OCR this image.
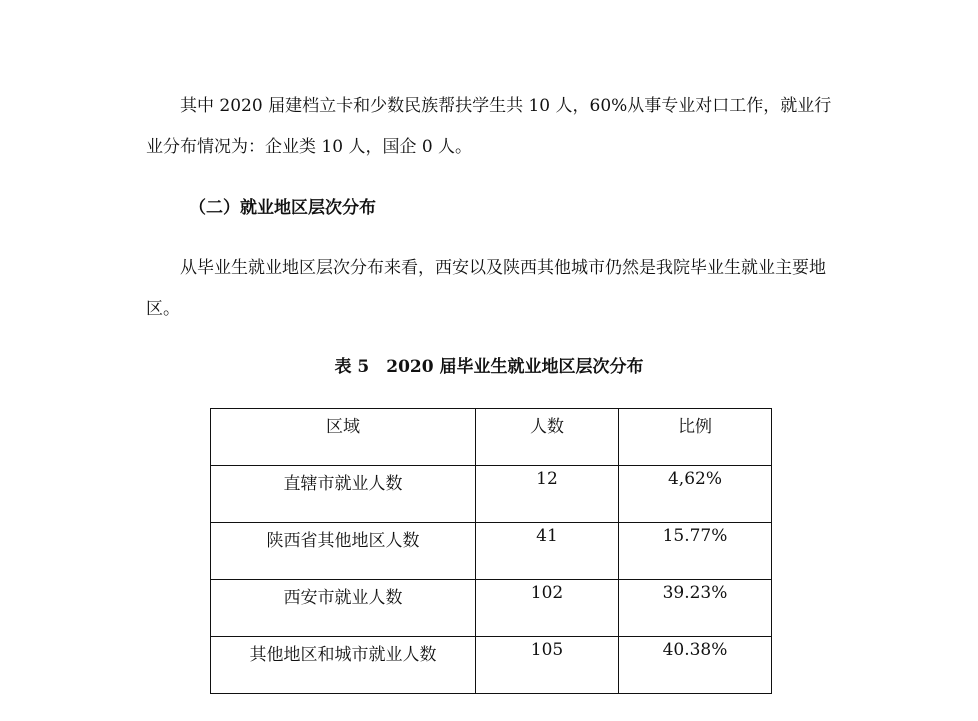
其中 2020 届建档立卡和少数民族帮扶学生共 10 人，60%从事专业对口工作，就业行业分布情况为：企业类 10 人，国企 0 人。

（二）就业地区层次分布

从毕业生就业地区层次分布来看，西安以及陕西其他城市仍然是我院毕业生就业主要地区。

表 5　2020 届毕业生就业地区层次分布

区域	人数	比例

直辖市就业人数	12	4,62%

陕西省其他地区人数	41	15.77%

西安市就业人数	102	39.23%

其他地区和城市就业人数	105	40.38%
